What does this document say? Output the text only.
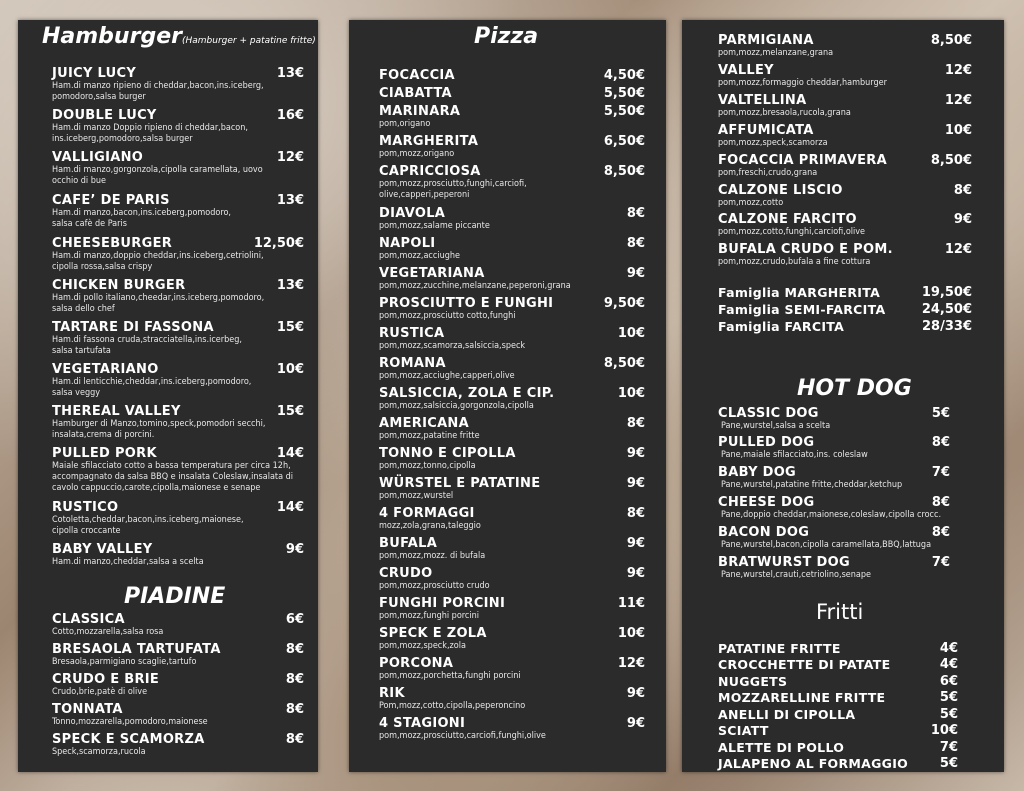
Hamburger(Hamburger + patatine fritte)
JUICY LUCY	13€
Ham.di manzo ripieno di cheddar,bacon,ins.iceberg,
pomodoro,salsa burger
DOUBLE LUCY	16€
Ham.di manzo Doppio ripieno di cheddar,bacon,
ins.iceberg,pomodoro,salsa burger
VALLIGIANO	12€
Ham.di manzo,gorgonzola,cipolla caramellata, uovo
occhio di bue
CAFE’ DE PARIS	13€
Ham.di manzo,bacon,ins.iceberg,pomodoro,
salsa cafè de Paris
CHEESEBURGER	12,50€
Ham.di manzo,doppio cheddar,ins.iceberg,cetriolini,
cipolla rossa,salsa crispy
CHICKEN BURGER	13€
Ham.di pollo italiano,cheedar,ins.iceberg,pomodoro,
salsa dello chef
TARTARE DI FASSONA	15€
Ham.di fassona cruda,stracciatella,ins.icerbeg,
salsa tartufata
VEGETARIANO	10€
Ham.di lenticchie,cheddar,ins.iceberg,pomodoro,
salsa veggy
THEREAL VALLEY	15€
Hamburger di Manzo,tomino,speck,pomodori secchi,
insalata,crema di porcini.
PULLED PORK	14€
Maiale sfilacciato cotto a bassa temperatura per circa 12h,
accompagnato da salsa BBQ e insalata Coleslaw,insalata di
cavolo cappuccio,carote,cipolla,maionese e senape
RUSTICO	14€
Cotoletta,cheddar,bacon,ins.iceberg,maionese,
cipolla croccante
BABY VALLEY	9€
Ham.di manzo,cheddar,salsa a scelta
PIADINE
CLASSICA	6€
Cotto,mozzarella,salsa rosa
BRESAOLA TARTUFATA	8€
Bresaola,parmigiano scaglie,tartufo
CRUDO E BRIE	8€
Crudo,brie,patè di olive
TONNATA	8€
Tonno,mozzarella,pomodoro,maionese
SPECK E SCAMORZA	8€
Speck,scamorza,rucola
Pizza
FOCACCIA	4,50€
CIABATTA	5,50€
MARINARA	5,50€
pom,origano
MARGHERITA	6,50€
pom,mozz,origano
CAPRICCIOSA	8,50€
pom,mozz,prosciutto,funghi,carciofi,
olive,capperi,peperoni
DIAVOLA	8€
pom,mozz,salame piccante
NAPOLI	8€
pom,mozz,acciughe
VEGETARIANA	9€
pom,mozz,zucchine,melanzane,peperoni,grana
PROSCIUTTO E FUNGHI	9,50€
pom,mozz,prosciutto cotto,funghi
RUSTICA	10€
pom,mozz,scamorza,salsiccia,speck
ROMANA	8,50€
pom,mozz,acciughe,capperi,olive
SALSICCIA, ZOLA E CIP.	10€
pom,mozz,salsiccia,gorgonzola,cipolla
AMERICANA	8€
pom,mozz,patatine fritte
TONNO E CIPOLLA	9€
pom,mozz,tonno,cipolla
WÜRSTEL E PATATINE	9€
pom,mozz,wurstel
4 FORMAGGI	8€
mozz,zola,grana,taleggio
BUFALA	9€
pom,mozz,mozz. di bufala
CRUDO	9€
pom,mozz,prosciutto crudo
FUNGHI PORCINI	11€
pom,mozz,funghi porcini
SPECK E ZOLA	10€
pom,mozz,speck,zola
PORCONA	12€
pom,mozz,porchetta,funghi porcini
RIK	9€
Pom,mozz,cotto,cipolla,peperoncino
4 STAGIONI	9€
pom,mozz,prosciutto,carciofi,funghi,olive
PARMIGIANA	8,50€
pom,mozz,melanzane,grana
VALLEY	12€
pom,mozz,formaggio cheddar,hamburger
VALTELLINA	12€
pom,mozz,bresaola,rucola,grana
AFFUMICATA	10€
pom,mozz,speck,scamorza
FOCACCIA PRIMAVERA	8,50€
pom,freschi,crudo,grana
CALZONE LISCIO	8€
pom,mozz,cotto
CALZONE FARCITO	9€
pom,mozz,cotto,funghi,carciofi,olive
BUFALA CRUDO E POM.	12€
pom,mozz,crudo,bufala a fine cottura
Famiglia MARGHERITA	19,50€
Famiglia SEMI-FARCITA	24,50€
Famiglia FARCITA	28/33€
HOT DOG
CLASSIC DOG	5€
Pane,wurstel,salsa a scelta
PULLED DOG	8€
Pane,maiale sfilacciato,ins. coleslaw
BABY DOG	7€
Pane,wurstel,patatine fritte,cheddar,ketchup
CHEESE DOG	8€
Pane,doppio cheddar,maionese,coleslaw,cipolla crocc.
BACON DOG	8€
Pane,wurstel,bacon,cipolla caramellata,BBQ,lattuga
BRATWURST DOG	7€
Pane,wurstel,crauti,cetriolino,senape
Fritti
PATATINE FRITTE	4€
CROCCHETTE DI PATATE	4€
NUGGETS	6€
MOZZARELLINE FRITTE	5€
ANELLI DI CIPOLLA	5€
SCIATT	10€
ALETTE DI POLLO	7€
JALAPENO AL FORMAGGIO	5€
